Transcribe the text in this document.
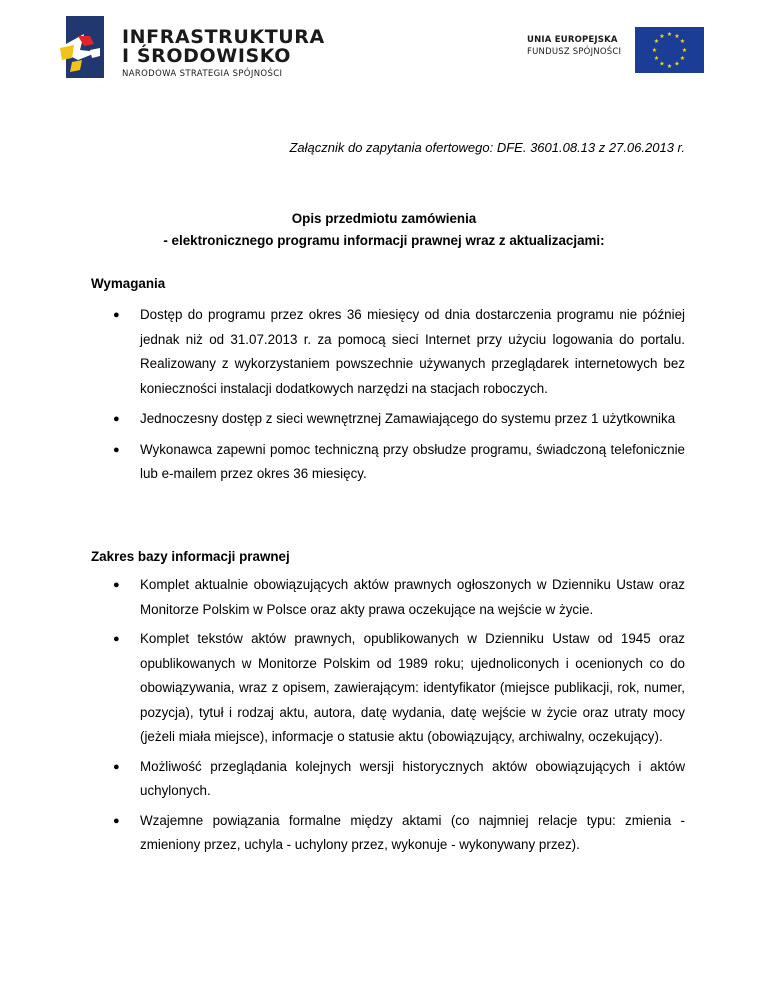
INFRASTRUKTURA
I ŚRODOWISKO
NARODOWA STRATEGIA SPÓJNOŚCI
UNIA EUROPEJSKA
FUNDUSZ SPÓJNOŚCI
★ ★
★
★
★
★
★
★
★
★
★
★
Załącznik do zapytania ofertowego: DFE. 3601.08.13 z 27.06.2013 r.
Opis przedmiotu zamówienia
- elektronicznego programu informacji prawnej wraz z aktualizacjami:
Wymagania
● Dostęp do programu przez okres 36 miesięcy od dnia dostarczenia programu nie później jednak niż od 31.07.2013 r. za pomocą sieci Internet przy użyciu logowania do portalu. Realizowany z wykorzystaniem powszechnie używanych przeglądarek internetowych bez konieczności instalacji dodatkowych narzędzi na stacjach roboczych.
● Jednoczesny dostęp z sieci wewnętrznej Zamawiającego do systemu przez 1 użytkownika
● Wykonawca zapewni pomoc techniczną przy obsłudze programu, świadczoną telefonicznie lub e-mailem przez okres 36 miesięcy.
Zakres bazy informacji prawnej
● Komplet aktualnie obowiązujących aktów prawnych ogłoszonych w Dzienniku Ustaw oraz Monitorze Polskim w Polsce oraz akty prawa oczekujące na wejście w życie.
● Komplet tekstów aktów prawnych, opublikowanych w Dzienniku Ustaw od 1945 oraz opublikowanych w Monitorze Polskim od 1989 roku; ujednoliconych i ocenionych co do obowiązywania, wraz z opisem, zawierającym: identyfikator (miejsce publikacji, rok, numer, pozycja), tytuł i rodzaj aktu, autora, datę wydania, datę wejście w życie oraz utraty mocy (jeżeli miała miejsce), informacje o statusie aktu (obowiązujący, archiwalny, oczekujący).
● Możliwość przeglądania kolejnych wersji historycznych aktów obowiązujących i aktów uchylonych.
● Wzajemne powiązania formalne między aktami (co najmniej relacje typu: zmienia -zmieniony przez, uchyla - uchylony przez, wykonuje - wykonywany przez).
